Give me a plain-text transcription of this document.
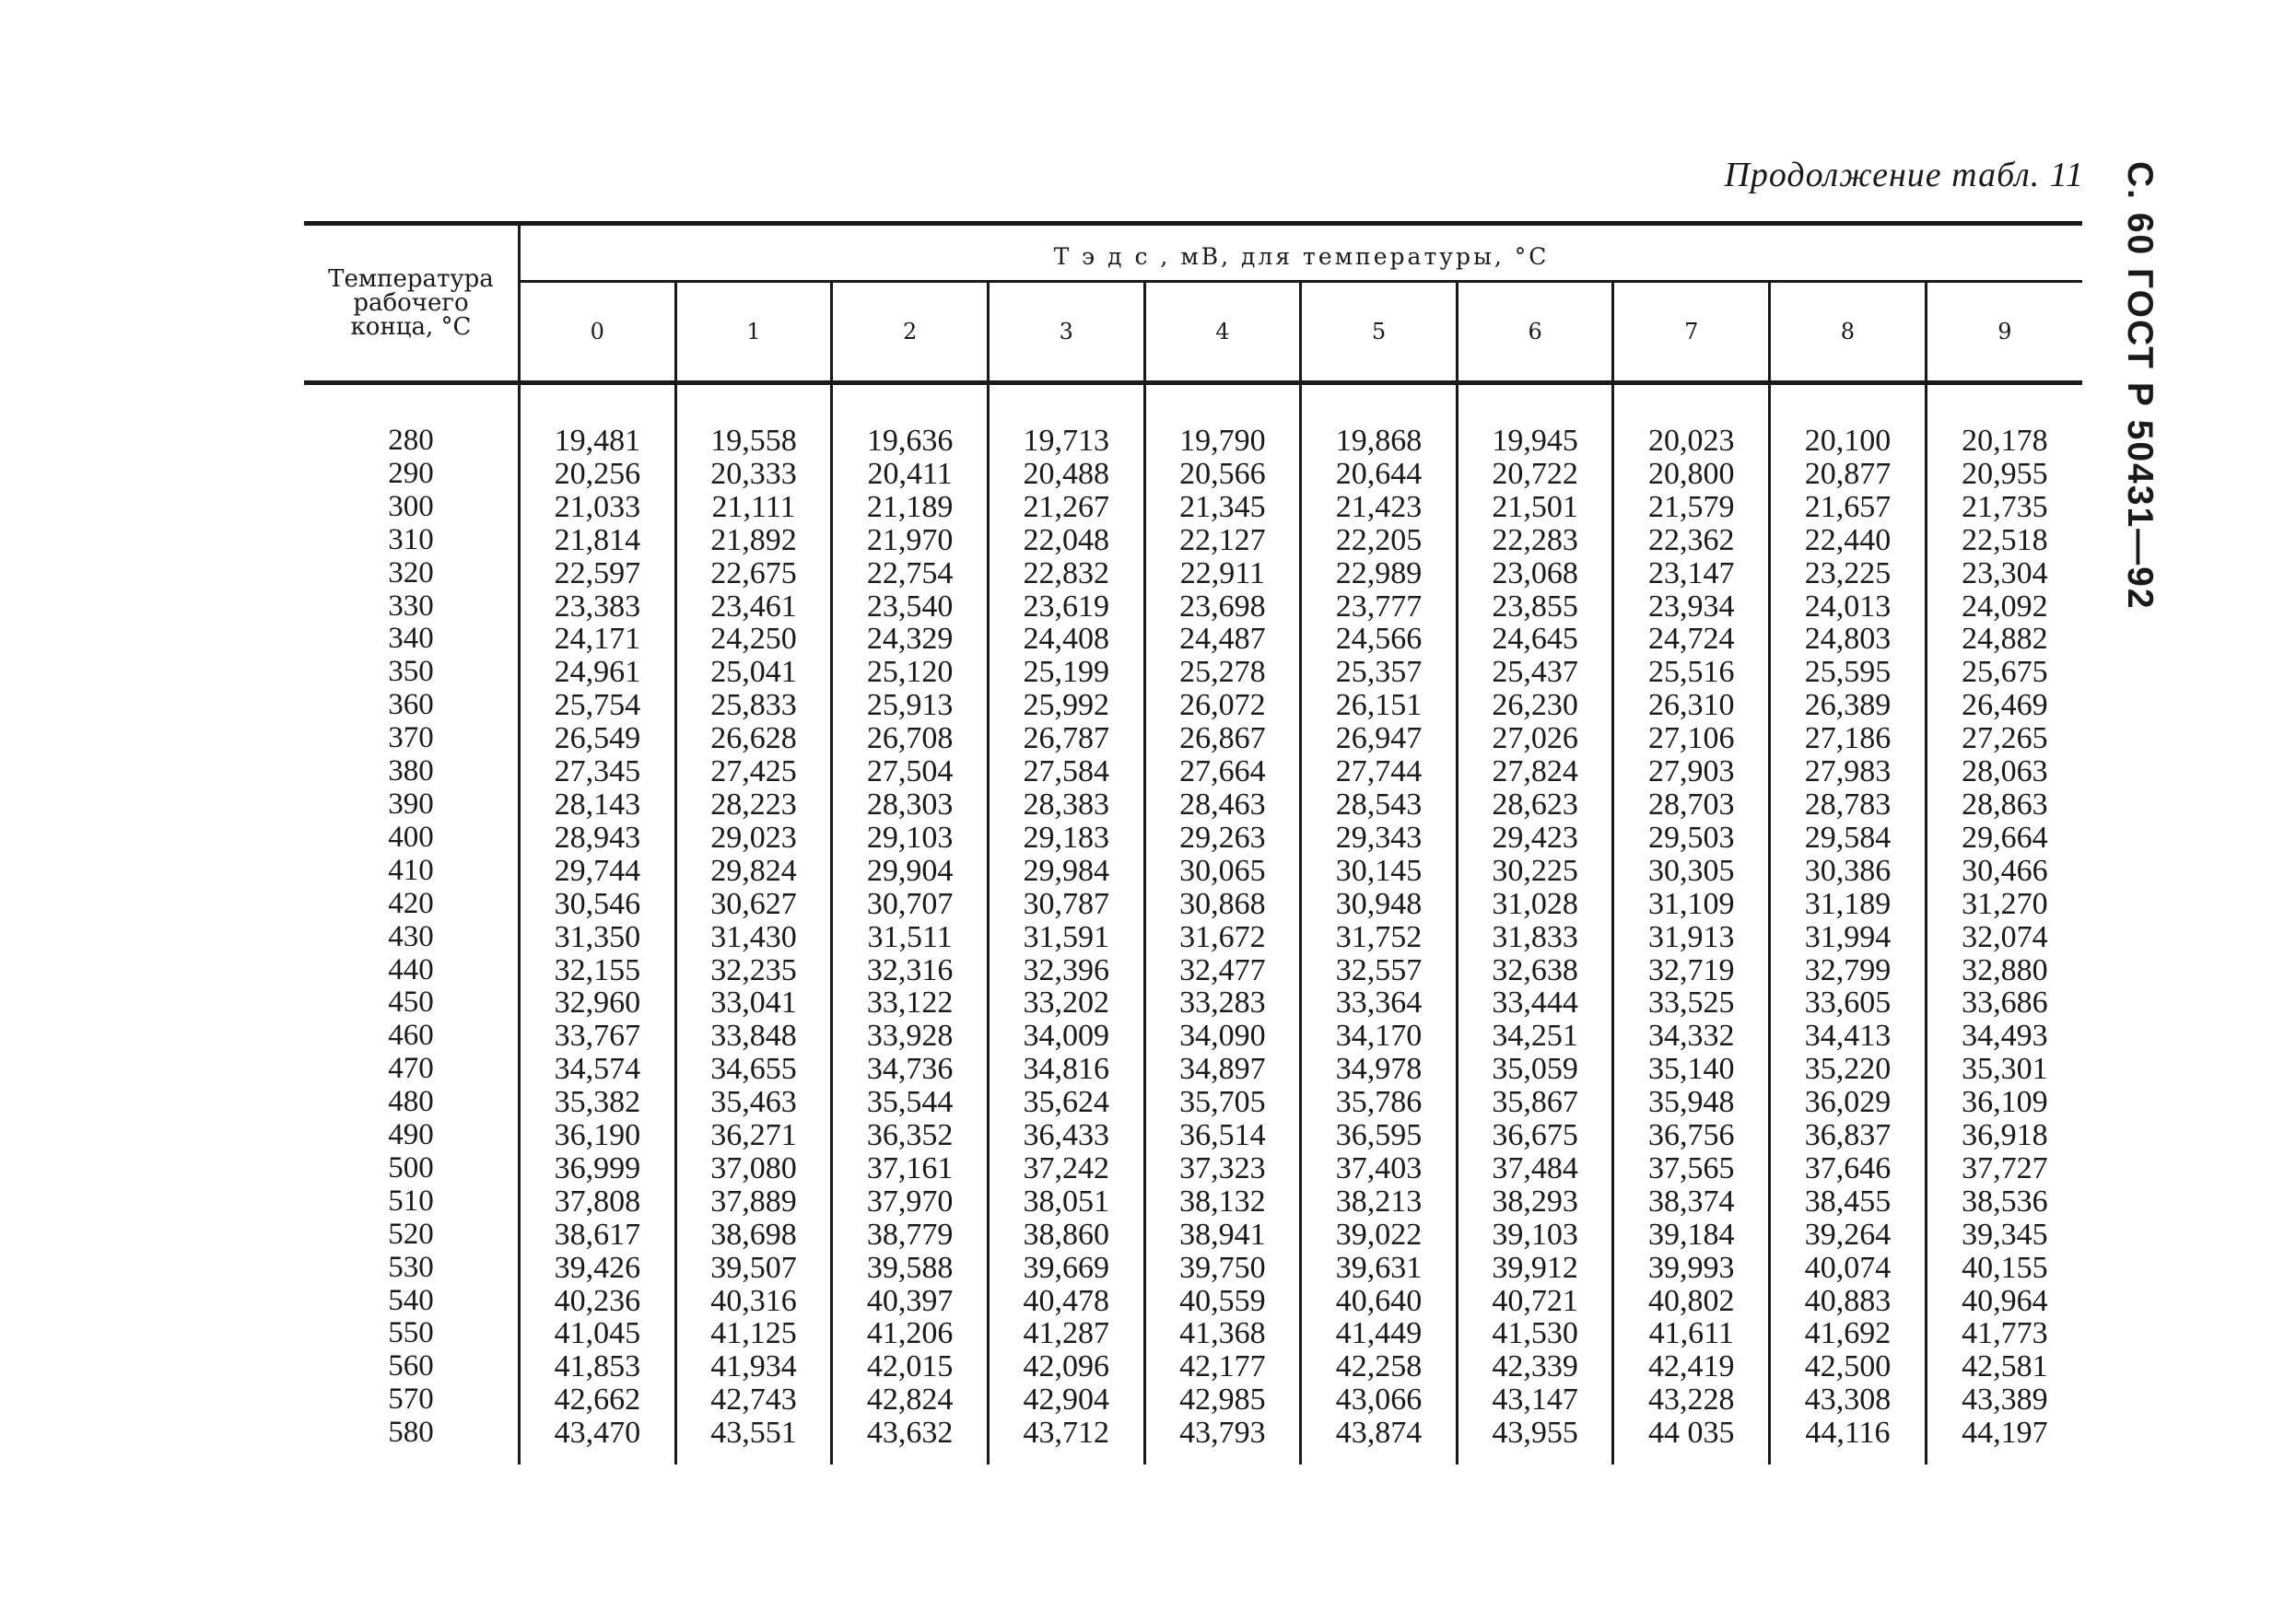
Продолжение табл. 11 С. 60 ГОСТ Р 50431—92
Температура
рабочего
конца, °C	Т э д с , мВ, для температуры, °C									
	0	1	2	3	4	5	6	7	8	9
280	19,481	19,558	19,636	19,713	19,790	19,868	19,945	20,023	20,100	20,178
290	20,256	20,333	20,411	20,488	20,566	20,644	20,722	20,800	20,877	20,955
300	21,033	21,111	21,189	21,267	21,345	21,423	21,501	21,579	21,657	21,735
310	21,814	21,892	21,970	22,048	22,127	22,205	22,283	22,362	22,440	22,518
320	22,597	22,675	22,754	22,832	22,911	22,989	23,068	23,147	23,225	23,304
330	23,383	23,461	23,540	23,619	23,698	23,777	23,855	23,934	24,013	24,092
340	24,171	24,250	24,329	24,408	24,487	24,566	24,645	24,724	24,803	24,882
350	24,961	25,041	25,120	25,199	25,278	25,357	25,437	25,516	25,595	25,675
360	25,754	25,833	25,913	25,992	26,072	26,151	26,230	26,310	26,389	26,469
370	26,549	26,628	26,708	26,787	26,867	26,947	27,026	27,106	27,186	27,265
380	27,345	27,425	27,504	27,584	27,664	27,744	27,824	27,903	27,983	28,063
390	28,143	28,223	28,303	28,383	28,463	28,543	28,623	28,703	28,783	28,863
400	28,943	29,023	29,103	29,183	29,263	29,343	29,423	29,503	29,584	29,664
410	29,744	29,824	29,904	29,984	30,065	30,145	30,225	30,305	30,386	30,466
420	30,546	30,627	30,707	30,787	30,868	30,948	31,028	31,109	31,189	31,270
430	31,350	31,430	31,511	31,591	31,672	31,752	31,833	31,913	31,994	32,074
440	32,155	32,235	32,316	32,396	32,477	32,557	32,638	32,719	32,799	32,880
450	32,960	33,041	33,122	33,202	33,283	33,364	33,444	33,525	33,605	33,686
460	33,767	33,848	33,928	34,009	34,090	34,170	34,251	34,332	34,413	34,493
470	34,574	34,655	34,736	34,816	34,897	34,978	35,059	35,140	35,220	35,301
480	35,382	35,463	35,544	35,624	35,705	35,786	35,867	35,948	36,029	36,109
490	36,190	36,271	36,352	36,433	36,514	36,595	36,675	36,756	36,837	36,918
500	36,999	37,080	37,161	37,242	37,323	37,403	37,484	37,565	37,646	37,727
510	37,808	37,889	37,970	38,051	38,132	38,213	38,293	38,374	38,455	38,536
520	38,617	38,698	38,779	38,860	38,941	39,022	39,103	39,184	39,264	39,345
530	39,426	39,507	39,588	39,669	39,750	39,631	39,912	39,993	40,074	40,155
540	40,236	40,316	40,397	40,478	40,559	40,640	40,721	40,802	40,883	40,964
550	41,045	41,125	41,206	41,287	41,368	41,449	41,530	41,611	41,692	41,773
560	41,853	41,934	42,015	42,096	42,177	42,258	42,339	42,419	42,500	42,581
570	42,662	42,743	42,824	42,904	42,985	43,066	43,147	43,228	43,308	43,389
580	43,470	43,551	43,632	43,712	43,793	43,874	43,955	44 035	44,116	44,197
